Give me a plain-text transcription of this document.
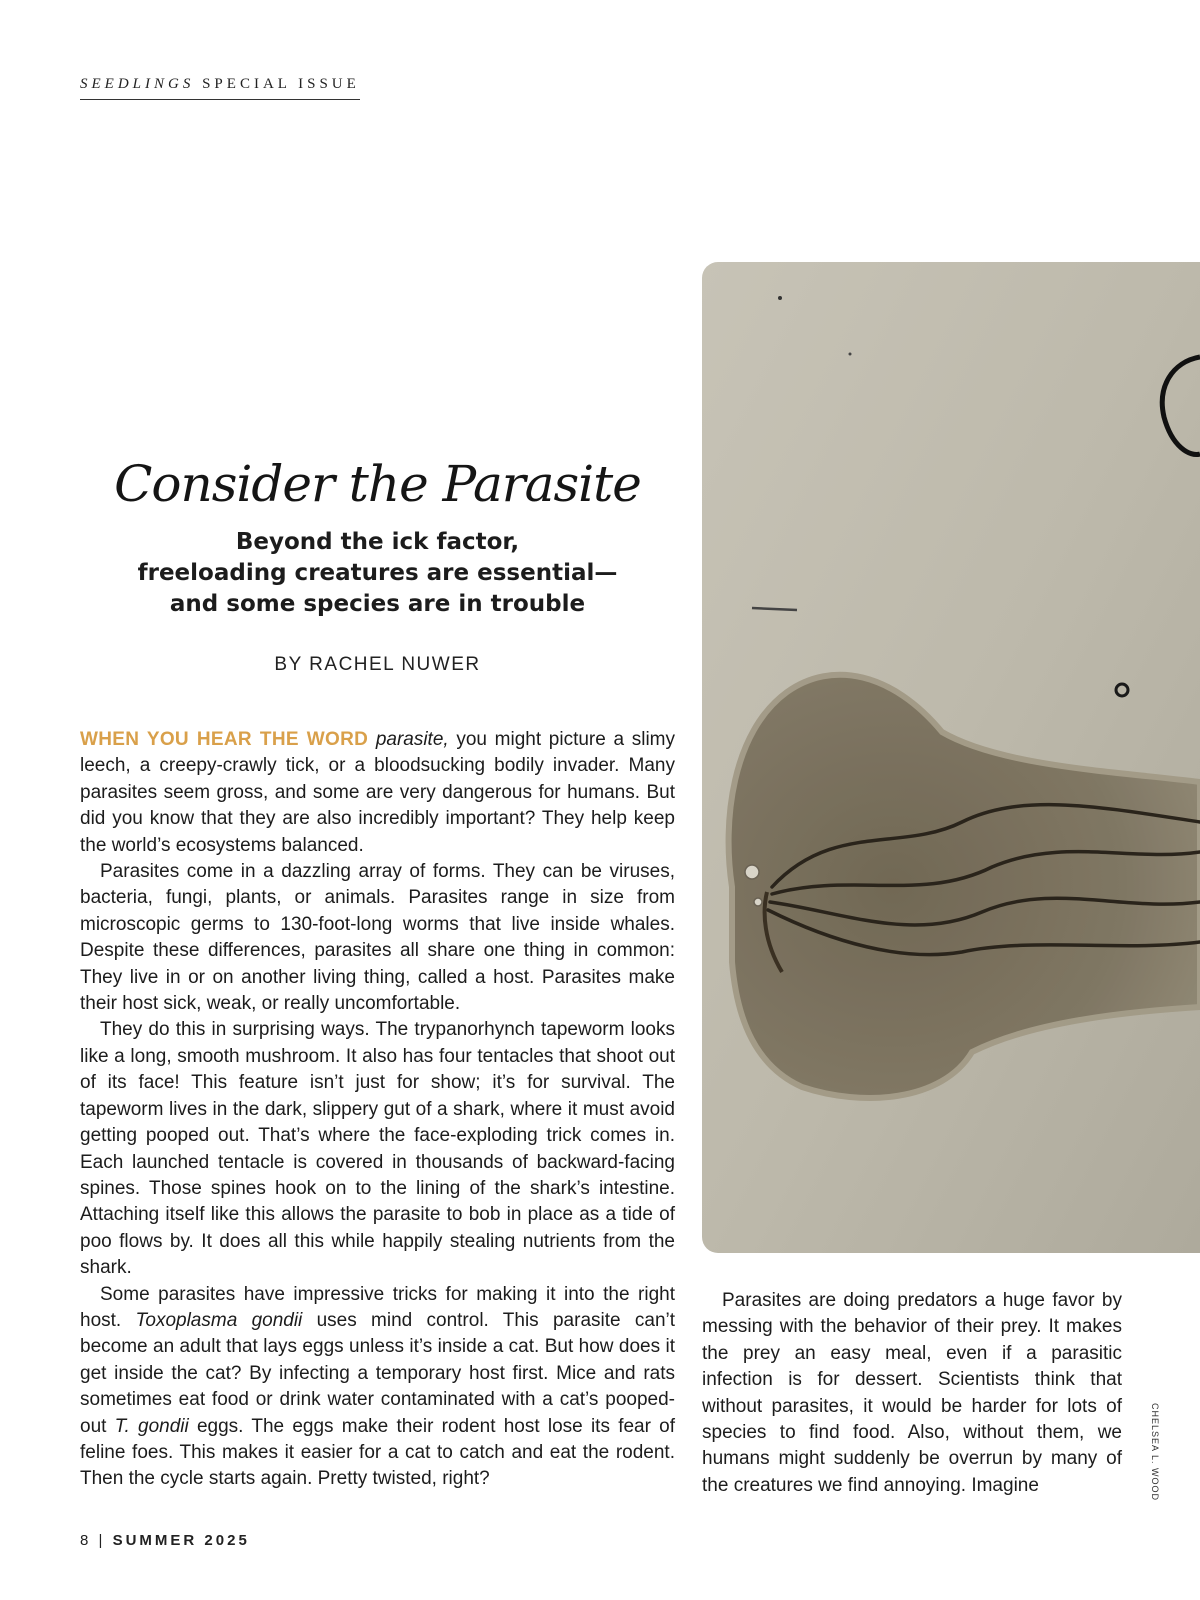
SEEDLINGS SPECIAL ISSUE
Consider the Parasite
Beyond the ick factor,
freeloading creatures are essential—
and some species are in trouble
BY RACHEL NUWER

WHEN YOU HEAR THE WORD parasite, you might picture a slimy leech, a creepy-crawly tick, or a bloodsucking bodily invader. Many parasites seem gross, and some are very dangerous for humans. But did you know that they are also incredibly important? They help keep the world’s ecosystems balanced.

Parasites come in a dazzling array of forms. They can be viruses, bacteria, fungi, plants, or animals. Parasites range in size from microscopic germs to 130-foot-long worms that live inside whales. Despite these differences, parasites all share one thing in common: They live in or on another living thing, called a host. Parasites make their host sick, weak, or really uncomfortable.

They do this in surprising ways. The trypanorhynch tapeworm looks like a long, smooth mushroom. It also has four tentacles that shoot out of its face! This feature isn’t just for show; it’s for survival. The tapeworm lives in the dark, slippery gut of a shark, where it must avoid getting pooped out. That’s where the face-exploding trick comes in. Each launched tentacle is covered in thousands of backward-facing spines. Those spines hook on to the lining of the shark’s intestine. Attaching itself like this allows the parasite to bob in place as a tide of poo flows by. It does all this while happily stealing nutrients from the shark.

Some parasites have impressive tricks for making it into the right host. Toxoplasma gondii uses mind control. This parasite can’t become an adult that lays eggs unless it’s inside a cat. But how does it get inside the cat? By infecting a temporary host first. Mice and rats sometimes eat food or drink water contaminated with a cat’s pooped-out T. gondii eggs. The eggs make their rodent host lose its fear of feline foes. This makes it easier for a cat to catch and eat the rodent. Then the cycle starts again. Pretty twisted, right?

Parasites are doing predators a huge favor by messing with the behavior of their prey. It makes the prey an easy meal, even if a parasitic infection is for dessert. Scientists think that without parasites, it would be harder for lots of species to find food. Also, without them, we humans might suddenly be overrun by many of the creatures we find annoying. Imagine	CHELSEA L. WOOD
8 | SUMMER 2025
